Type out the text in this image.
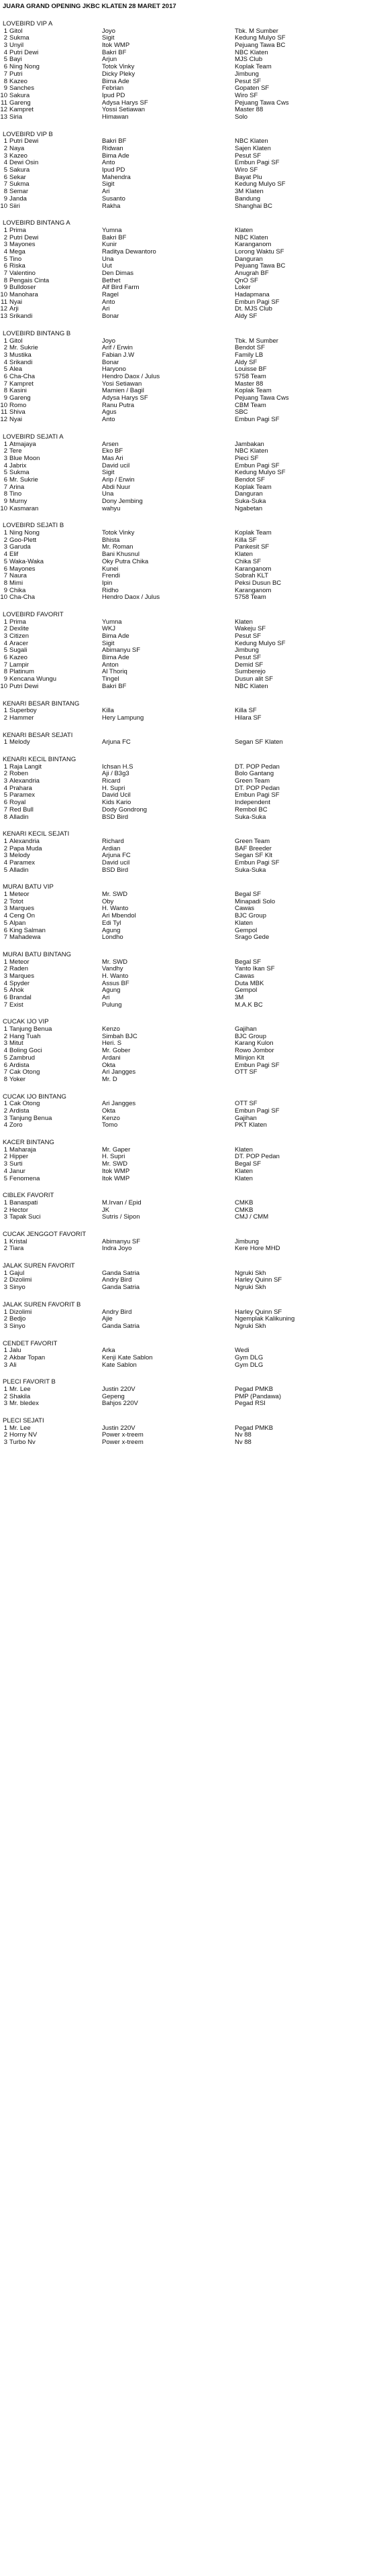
JUARA GRAND OPENING JKBC KLATEN 28 MARET 2017
LOVEBIRD VIP A
1 Gitol	Joyo	Tbk. M Sumber
2 Sukma	Sigit	Kedung Mulyo SF
3 Unyil	Itok WMP	Pejuang Tawa BC
4 Putri Dewi	Bakri BF	NBC Klaten
5 Bayi	Arjun	MJS Club
6 Ning Nong	Totok Vinky	Koplak Team
7 Putri	Dicky Pleky	Jimbung
8 Kazeo	Bima Ade	Pesut SF
9 Sanches	Febrian	Gopaten SF
10 Sakura	Ipud PD	Wiro SF
11 Gareng	Adysa Harys SF	Pejuang Tawa Cws
12 Kampret	Yossi Setiawan	Master 88
13 Siria	Himawan	Solo
LOVEBIRD VIP B
1 Putri Dewi	Bakri BF	NBC Klaten
2 Naya	Ridwan	Sajen Klaten
3 Kazeo	Bima Ade	Pesut SF
4 Dewi Osin	Anto	Embun Pagi SF
5 Sakura	Ipud PD	Wiro SF
6 Sekar	Mahendra	Bayat Plu
7 Sukma	Sigit	Kedung Mulyo SF
8 Semar	Ari	3M Klaten
9 Janda	Susanto	Bandung
10 Siiri	Rakha	Shanghai BC
LOVEBIRD BINTANG A
1 Prima	Yumna	Klaten
2 Putri Dewi	Bakri BF	NBC Klaten
3 Mayones	Kunir	Karanganom
4 Mega	Raditya Dewantoro	Lorong Waktu SF
5 Tino	Una	Danguran
6 Riska	Uut	Pejuang Tawa BC
7 Valentino	Den Dimas	Anugrah BF
8 Pengais Cinta	Bethet	QnO SF
9 Bulldoser	Alf Bird Farm	Loker
10 Manohara	Ragel	Hadapmana
11 Nyai	Anto	Embun Pagi SF
12 Arji	Ari	Dt. MJS Club
13 Srikandi	Bonar	Aldy SF
LOVEBIRD BINTANG B
1 Gitol	Joyo	Tbk. M Sumber
2 Mr. Sukrie	Arif / Erwin	Bendot SF
3 Mustika	Fabian J.W	Family LB
4 Srikandi	Bonar	Aldy SF
5 Alea	Haryono	Louisse BF
6 Cha-Cha	Hendro Daox / Julus	5758 Team
7 Kampret	Yosi Setiawan	Master 88
8 Kasini	Mamien / Bagil	Koplak Team
9 Gareng	Adysa Harys SF	Pejuang Tawa Cws
10 Romo	Ranu Putra	CBM Team
11 Shiva	Agus	SBC
12 Nyai	Anto	Embun Pagi SF
LOVEBIRD SEJATI A
1 Atmajaya	Arsen	Jambakan
2 Tere	Eko BF	NBC Klaten
3 Blue Moon	Mas Ari	Pieci SF
4 Jabrix	David ucil	Embun Pagi SF
5 Sukma	Sigit	Kedung Mulyo SF
6 Mr. Sukrie	Arip / Erwin	Bendot SF
7 Arina	Abdi Nuur	Koplak Team
8 Tino	Una	Danguran
9 Murny	Dony Jembing	Suka-Suka
10 Kasmaran	wahyu	Ngabetan
LOVEBIRD SEJATI B
1 Ning Nong	Totok Vinky	Koplak Team
2 Goo-Plett	Bhista	Killa SF
3 Garuda	Mr. Roman	Pankesit SF
4 Elif	Bani Khusnul	Klaten
5 Waka-Waka	Oky Putra Chika	Chika SF
6 Mayones	Kunei	Karanganom
7 Naura	Frendi	Sobrah KLT
8 Mimi	Ipin	Peksi Dusun BC
9 Chika	Ridho	Karanganom
10 Cha-Cha	Hendro Daox / Julus	5758 Team
LOVEBIRD FAVORIT
1 Prima	Yumna	Klaten
2 Dexlite	WKJ	Wakeju SF
3 Citizen	Bima Ade	Pesut SF
4 Aracer	Sigit	Kedung Mulyo SF
5 Sugali	Abimanyu SF	Jimbung
6 Kazeo	Bima Ade	Pesut SF
7 Lampir	Anton	Demid SF
8 Platinum	Al Thoriq	Sumberejo
9 Kencana Wungu	Tingel	Dusun alit SF
10 Putri Dewi	Bakri BF	NBC Klaten
KENARI BESAR BINTANG
1 Superboy	Killa	Killa SF
2 Hammer	Hery Lampung	Hilara SF
KENARI BESAR SEJATI
1 Melody	Arjuna FC	Segan SF Klaten
KENARI KECIL BINTANG
1 Raja Langit	Ichsan H.S	DT. POP Pedan
2 Roben	Aji / B3g3	Bolo Gantang
3 Alexandria	Ricard	Green Team
4 Prahara	H. Supri	DT. POP Pedan
5 Paramex	David Ucil	Embun Pagi SF
6 Royal	Kids Kario	Independent
7 Red Bull	Dody Gondrong	Rembol BC
8 Alladin	BSD Bird	Suka-Suka
KENARI KECIL SEJATI
1 Alexandria	Richard	Green Team
2 Papa Muda	Ardian	BAF Breeder
3 Melody	Arjuna FC	Segan SF Klt
4 Paramex	David ucil	Embun Pagi SF
5 Alladin	BSD Bird	Suka-Suka
MURAI BATU VIP
1 Meteor	Mr. SWD	Begal SF
2 Totot	Oby	Minapadi Solo
3 Marques	H. Wanto	Cawas
4 Ceng On	Ari Mbendol	BJC Group
5 Alpan	Edi Tyl	Klaten
6 King Salman	Agung	Gempol
7 Mahadewa	Londho	Srago Gede
MURAI BATU BINTANG
1 Meteor	Mr. SWD	Begal SF
2 Raden	Vandhy	Yanto Ikan SF
3 Marques	H. Wanto	Cawas
4 Spyder	Assus BF	Duta MBK
5 Ahok	Agung	Gempol
6 Brandal	Ari	3M
7 Exist	Pulung	M.A.K BC
CUCAK IJO VIP
1 Tanjung Benua	Kenzo	Gajihan
2 Hang Tuah	Simbah BJC	BJC Group
3 Mitut	Heri. S	Karang Kulon
4 Boling Goci	Mr. Gober	Rowo Jombor
5 Zambrud	Ardani	Mlinjon Klt
6 Ardista	Okta	Embun Pagi SF
7 Cak Otong	Ari Jangges	OTT SF
8 Yoker	Mr. D
CUCAK IJO BINTANG
1 Cak Otong	Ari Jangges	OTT SF
2 Ardista	Okta	Embun Pagi SF
3 Tanjung Benua	Kenzo	Gajihan
4 Zoro	Tomo	PKT Klaten
KACER BINTANG
1 Maharaja	Mr. Gaper	Klaten
2 Hipper	H. Supri	DT. POP Pedan
3 Surti	Mr. SWD	Begal SF
4 Janur	Itok WMP	Klaten
5 Fenomena	Itok WMP	Klaten
CIBLEK FAVORIT
1 Banaspati	M.Irvan / Epid	CMKB
2 Hector	JK	CMKB
3 Tapak Suci	Sutris / Sipon	CMJ / CMM
CUCAK JENGGOT FAVORIT
1 Kristal	Abimanyu SF	Jimbung
2 Tiara	Indra Joyo	Kere Hore MHD
JALAK SUREN FAVORIT
1 Gajul	Ganda Satria	Ngruki Skh
2 Dizolimi	Andry Bird	Harley Quinn SF
3 Sinyo	Ganda Satria	Ngruki Skh
JALAK SUREN FAVORIT B
1 Dizolimi	Andry Bird	Harley Quinn SF
2 Bedjo	Ajie	Ngemplak Kalikuning
3 Sinyo	Ganda Satria	Ngruki Skh
CENDET FAVORIT
1 Jalu	Arka	Wedi
2 Akbar Topan	Kenji Kate Sablon	Gym DLG
3 Ali	Kate Sablon	Gym DLG
PLECI FAVORIT B
1 Mr. Lee	Justin 220V	Pegad PMKB
2 Shakila	Gepeng	PMP (Pandawa)
3 Mr. bledex	Bahjos 220V	Pegad RSI
PLECI SEJATI
1 Mr. Lee	Justin 220V	Pegad PMKB
2 Horny NV	Power x-treem	Nv 88
3 Turbo Nv	Power x-treem	Nv 88
